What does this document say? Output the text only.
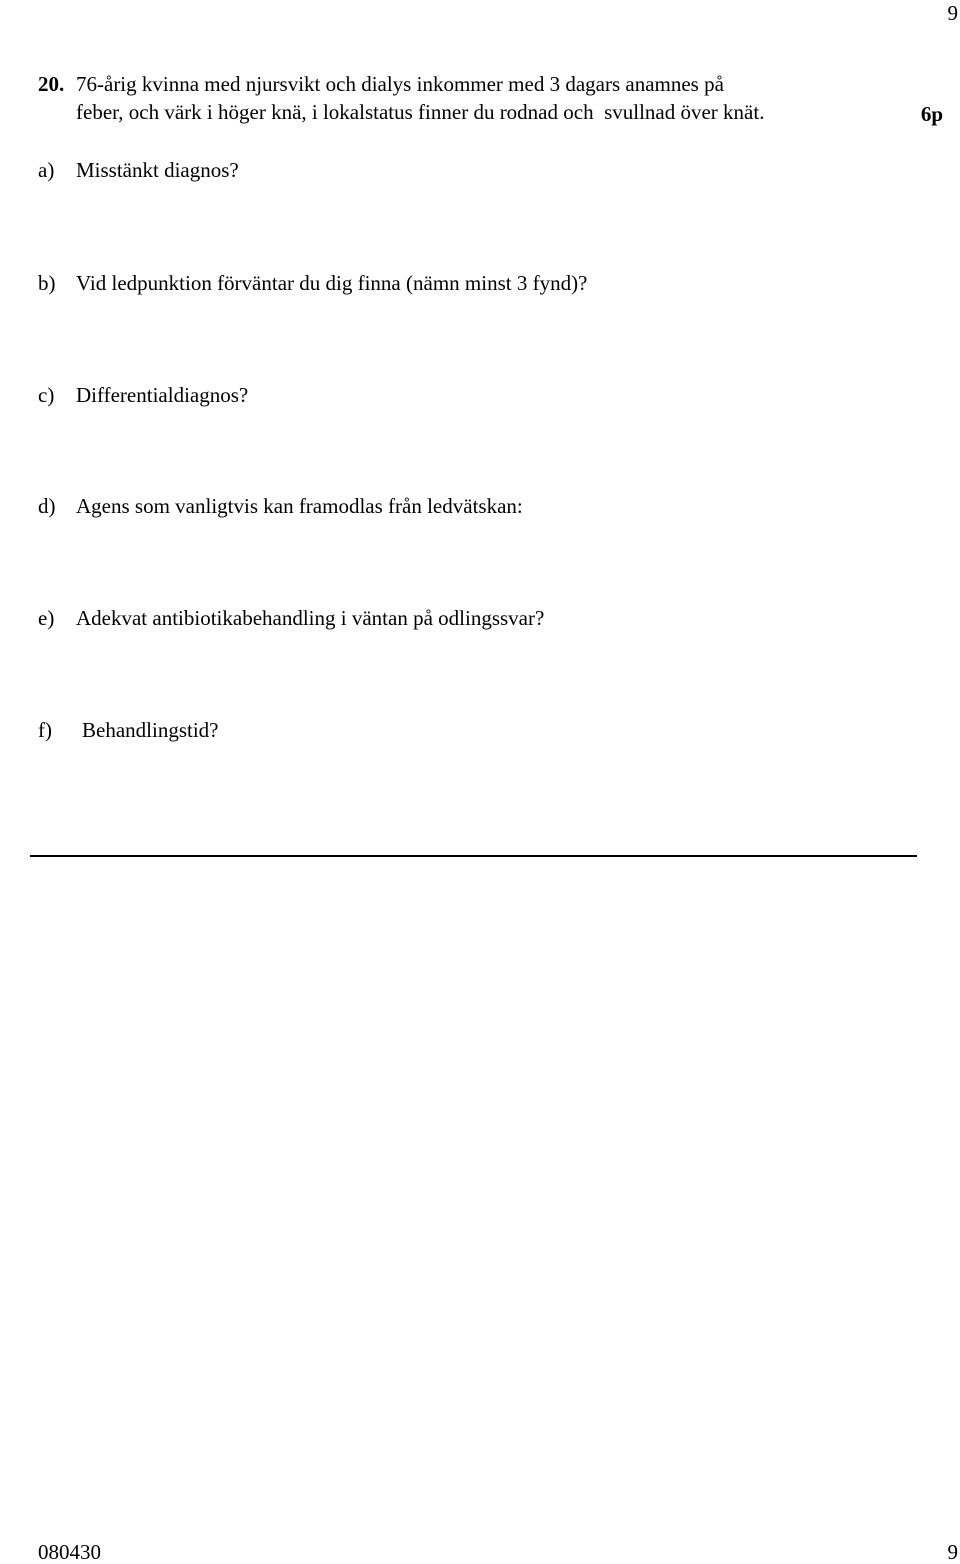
9
20. 76-årig kvinna med njursvikt och dialys inkommer med 3 dagars anamnes på
feber, och värk i höger knä, i lokalstatus finner du rodnad och  svullnad över knät.	6p
a) Misstänkt diagnos?
b) Vid ledpunktion förväntar du dig finna (nämn minst 3 fynd)?
c) Differentialdiagnos?
d) Agens som vanligtvis kan framodlas från ledvätskan:
e) Adekvat antibiotikabehandling i väntan på odlingssvar?
f) Behandlingstid?
080430	9
